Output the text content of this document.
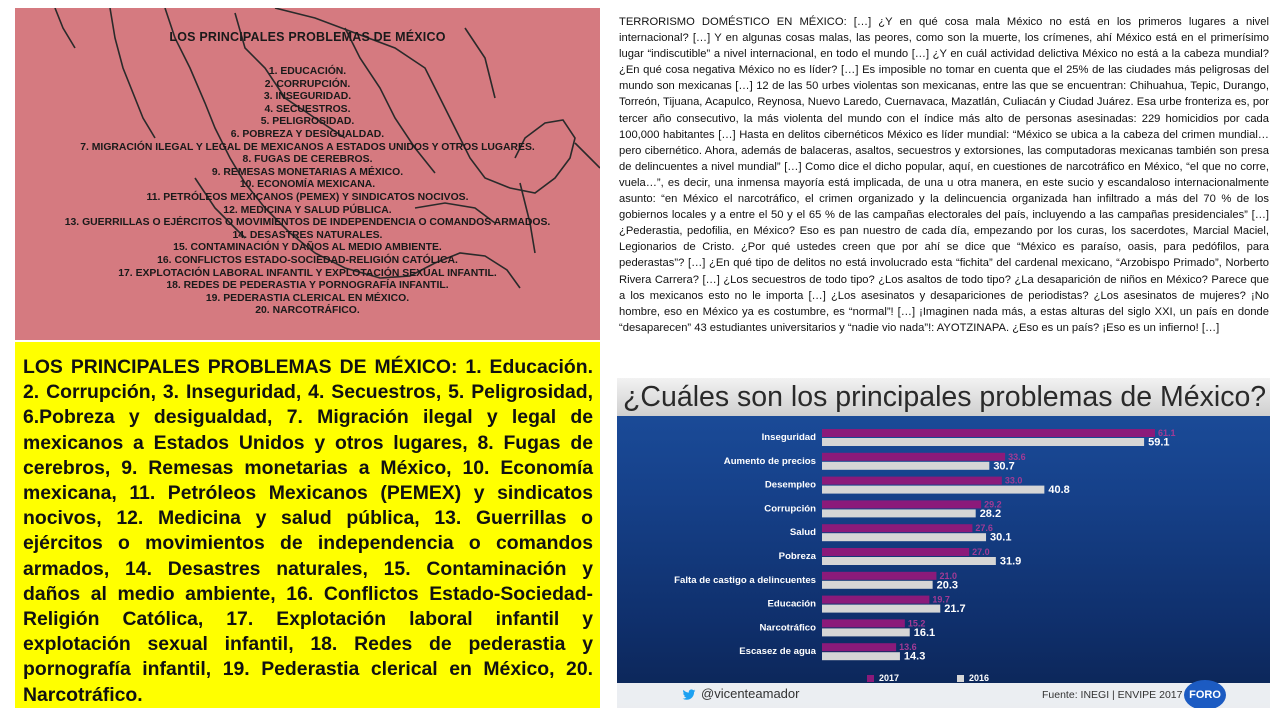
LOS PRINCIPALES PROBLEMAS DE MÉXICO
1. EDUCACIÓN.
2. CORRUPCIÓN.
3. INSEGURIDAD.
4. SECUESTROS.
5. PELIGROSIDAD.
6. POBREZA Y DESIGUALDAD.
7. MIGRACIÓN ILEGAL Y LEGAL DE MEXICANOS A ESTADOS UNIDOS Y OTROS LUGARES.
8. FUGAS DE CEREBROS.
9. REMESAS MONETARIAS A MÉXICO.
10. ECONOMÍA MEXICANA.
11. PETRÓLEOS MEXICANOS (PEMEX) Y SINDICATOS NOCIVOS.
12. MEDICINA Y SALUD PÚBLICA.
13. GUERRILLAS O EJÉRCITOS O MOVIMIENTOS DE INDEPENDENCIA O COMANDOS ARMADOS.
14. DESASTRES NATURALES.
15. CONTAMINACIÓN Y DAÑOS AL MEDIO AMBIENTE.
16. CONFLICTOS ESTADO-SOCIEDAD-RELIGIÓN CATÓLICA.
17. EXPLOTACIÓN LABORAL INFANTIL Y EXPLOTACIÓN SEXUAL INFANTIL.
18. REDES DE PEDERASTIA Y PORNOGRAFÍA INFANTIL.
19. PEDERASTIA CLERICAL EN MÉXICO.
20. NARCOTRÁFICO.

LOS PRINCIPALES PROBLEMAS DE MÉXICO: 1. Educación. 2. Corrupción, 3. Inseguridad, 4. Secuestros, 5. Peligrosidad, 6.Pobreza y desigualdad, 7. Migración ilegal y legal de mexicanos a Estados Unidos y otros lugares, 8. Fugas de cerebros, 9. Remesas monetarias a México, 10. Economía mexicana, 11. Petróleos Mexicanos (PEMEX) y sindicatos nocivos, 12. Medicina y salud pública, 13. Guerrillas o ejércitos o movimientos de independencia o comandos armados, 14. Desastres naturales, 15. Contaminación y daños al medio ambiente, 16. Conflictos Estado-Sociedad-Religión Católica, 17. Explotación laboral infantil y explotación sexual infantil, 18. Redes de pederastia y pornografía infantil, 19. Pederastia clerical en México, 20. Narcotráfico.

TERRORISMO DOMÉSTICO EN MÉXICO: […] ¿Y en qué cosa mala México no está en los primeros lugares a nivel internacional? […] Y en algunas cosas malas, las peores, como son la muerte, los crímenes, ahí México está en el primerísimo lugar “indiscutible” a nivel internacional, en todo el mundo […] ¿Y en cuál actividad delictiva México no está a la cabeza mundial? ¿En qué cosa negativa México no es líder? […] Es imposible no tomar en cuenta que el 25% de las ciudades más peligrosas del mundo son mexicanas […] 12 de las 50 urbes violentas son mexicanas, entre las que se encuentran: Chihuahua, Tepic, Durango, Torreón, Tijuana, Acapulco, Reynosa, Nuevo Laredo, Cuernavaca, Mazatlán, Culiacán y Ciudad Juárez. Esa urbe fronteriza es, por tercer año consecutivo, la más violenta del mundo con el índice más alto de personas asesinadas: 229 homicidios por cada 100,000 habitantes […] Hasta en delitos cibernéticos México es líder mundial: “México se ubica a la cabeza del crimen mundial… pero cibernético. Ahora, además de balaceras, asaltos, secuestros y extorsiones, las computadoras mexicanas también son presa de delincuentes a nivel mundial” […] Como dice el dicho popular, aquí, en cuestiones de narcotráfico en México, “el que no corre, vuela…”, es decir, una inmensa mayoría está implicada, de una u otra manera, en este sucio y escandaloso internacionalmente asunto: “en México el narcotráfico, el crimen organizado y la delincuencia organizada han infiltrado a más del 70 % de los gobiernos locales y a entre el 50 y el 65 % de las campañas electorales del país, incluyendo a las campañas presidenciales” […] ¿Pederastia, pedofilia, en México? Eso es pan nuestro de cada día, empezando por los curas, los sacerdotes, Marcial Maciel, Legionarios de Cristo. ¿Por qué ustedes creen que por ahí se dice que “México es paraíso, oasis, para pedófilos, para pederastas”? […] ¿En qué tipo de delitos no está involucrado esta “fichita” del cardenal mexicano, “Arzobispo Primado”, Norberto Rivera Carrera? […] ¿Los secuestros de todo tipo? ¿Los asaltos de todo tipo? ¿La desaparición de niños en México? Parece que a los mexicanos esto no le importa […] ¿Los asesinatos y desapariciones de periodistas? ¿Los asesinatos de mujeres? ¡No hombre, eso en México ya es costumbre, es “normal”! […] ¡Imaginen nada más, a estas alturas del siglo XXI, un país en donde “desaparecen” 43 estudiantes universitarios y “nadie vio nada”!: AYOTZINAPA. ¿Eso es un país? ¡Eso es un infierno! […]

¿Cuáles son los principales problemas de México?
Inseguridad	61.1
59.1
Aumento de precios	33.6
30.7
Desempleo	33.0
40.8
Corrupción	29.2
28.2
Salud	27.6
30.1
Pobreza	27.0
31.9
Falta de castigo a delincuentes	21.0
20.3
Educación	19.7
21.7
Narcotráfico	15.2
16.1
Escasez de agua	13.6
14.3
2017	2016
@vicenteamador	Fuente: INEGI | ENVIPE 2017 FORO
